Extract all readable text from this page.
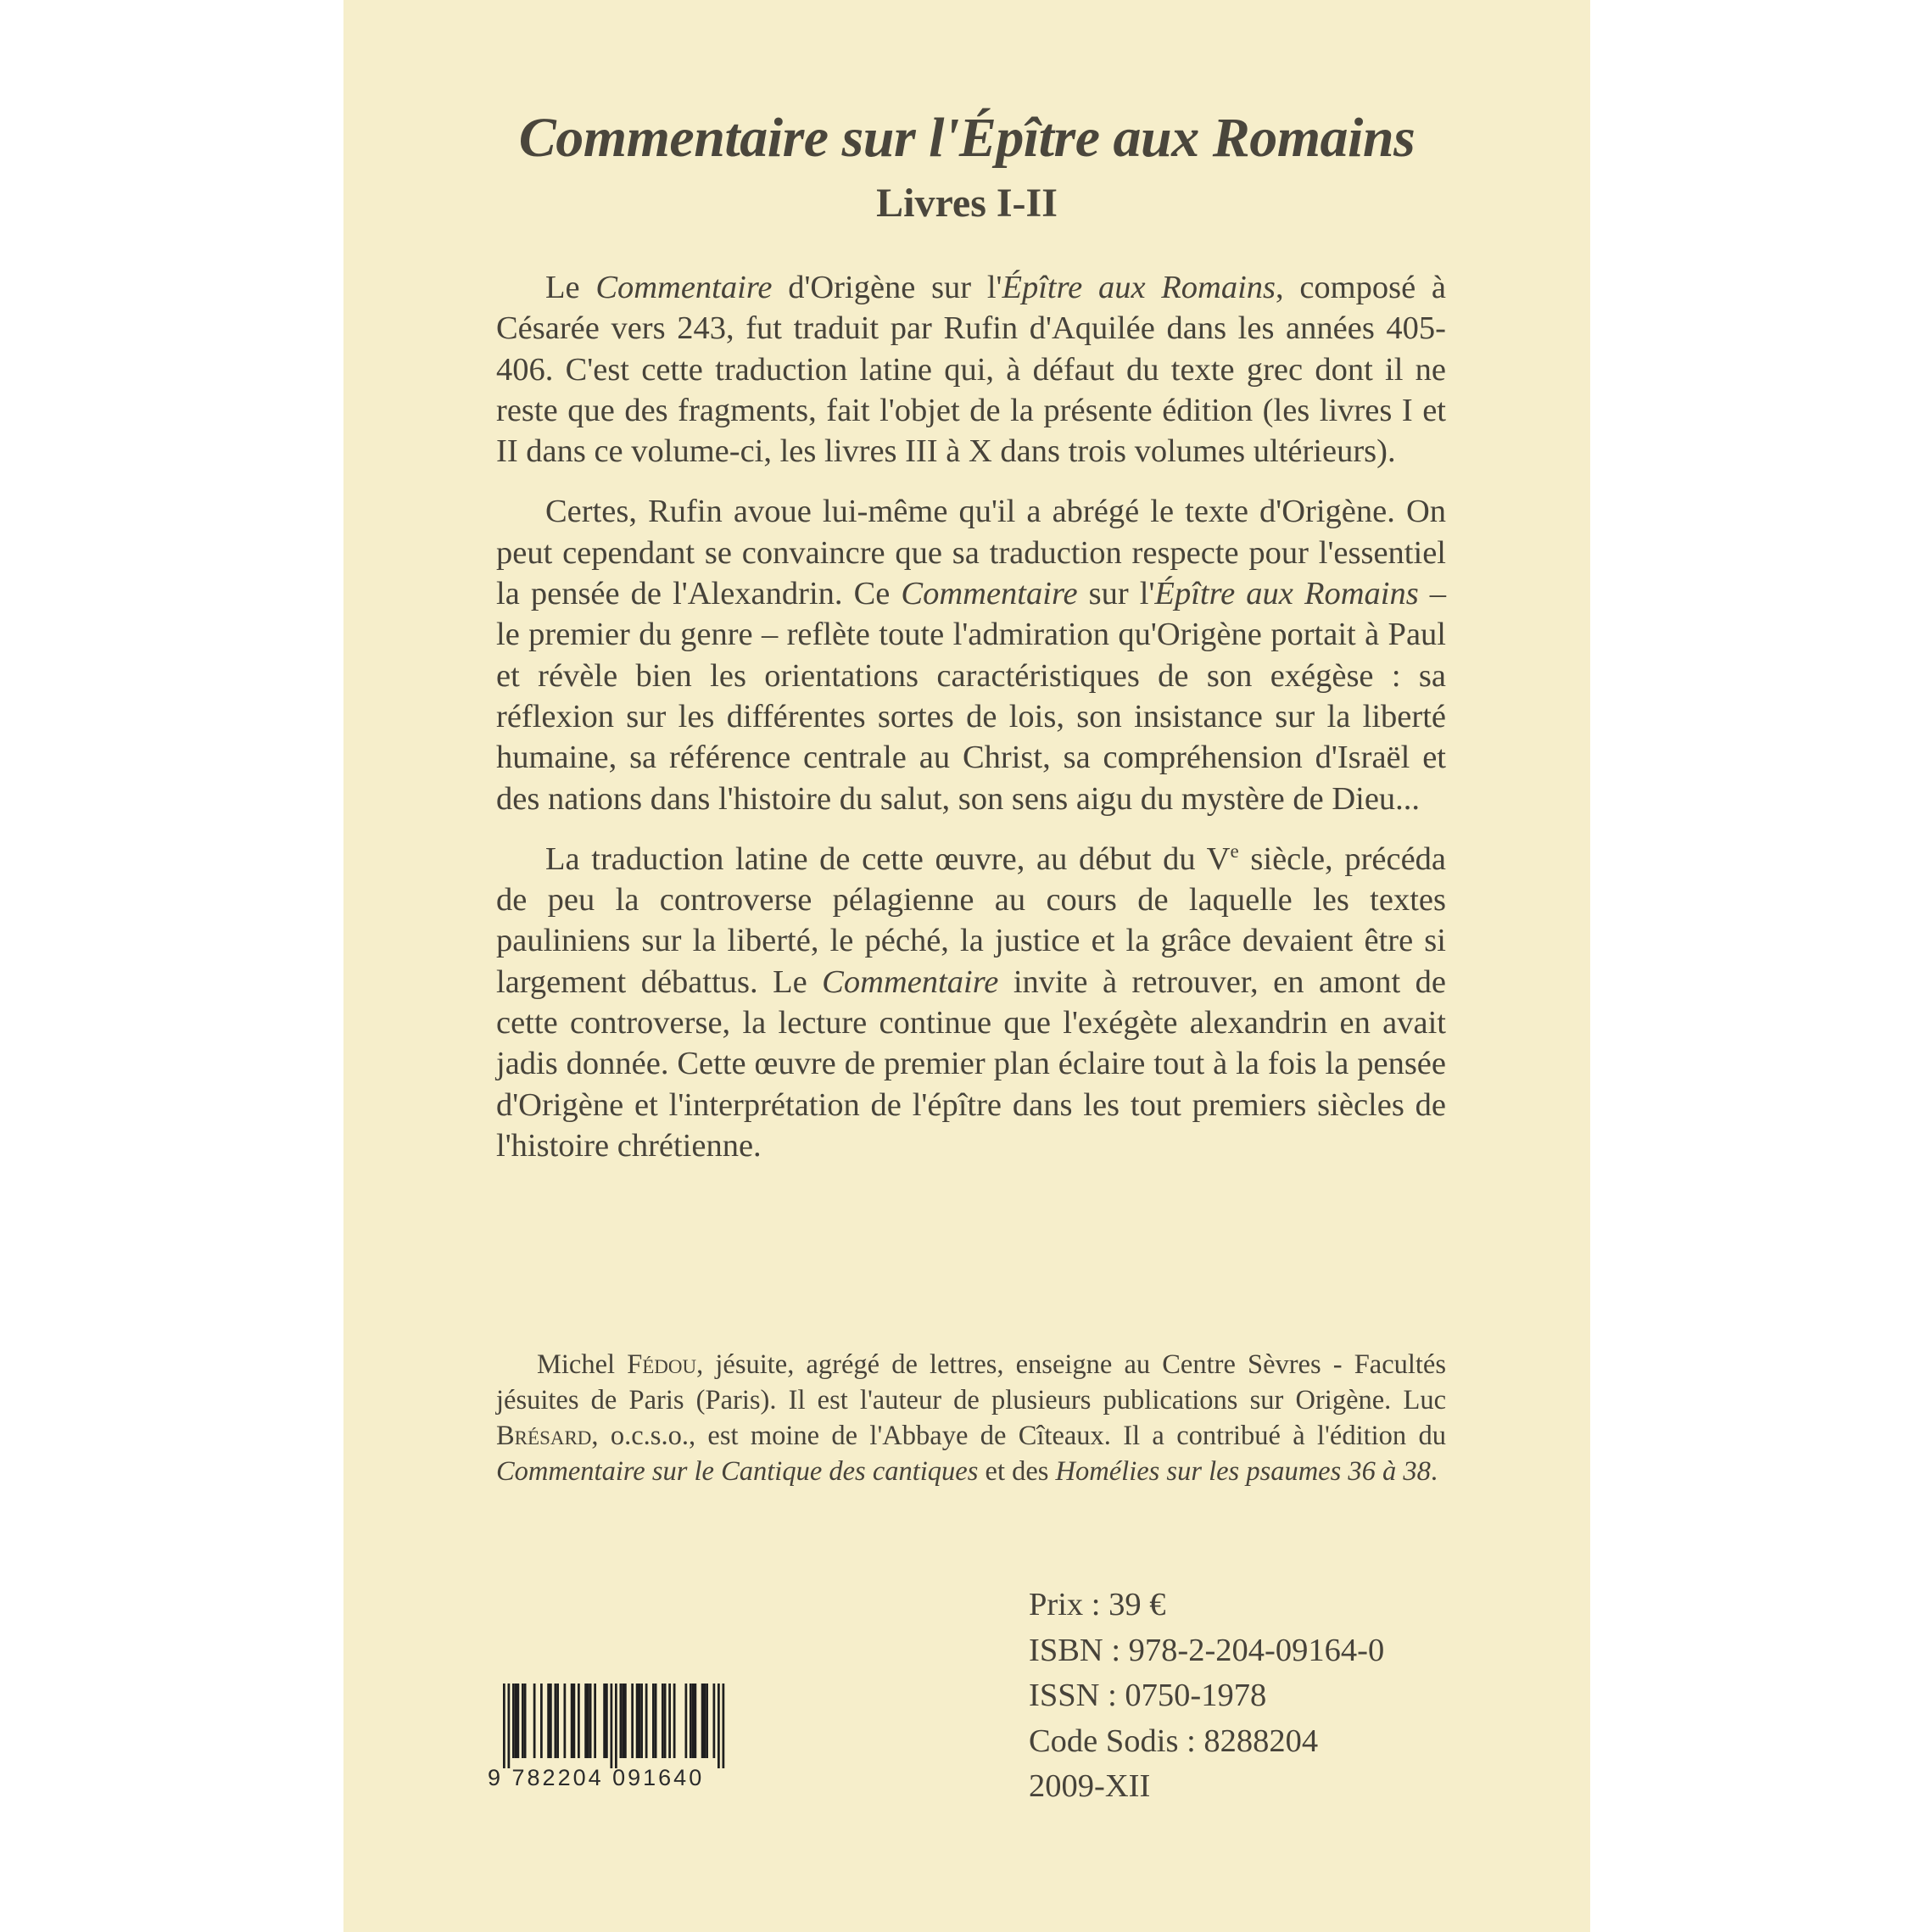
Commentaire sur l'Épître aux Romains
Livres I-II

Le Commentaire d'Origène sur l'Épître aux Romains, composé à Césarée vers 243, fut traduit par Rufin d'Aquilée dans les années 405-406. C'est cette traduction latine qui, à défaut du texte grec dont il ne reste que des fragments, fait l'objet de la présente édition (les livres I et II dans ce volume-ci, les livres III à X dans trois volumes ultérieurs).

Certes, Rufin avoue lui-même qu'il a abrégé le texte d'Origène. On peut cependant se convaincre que sa traduction respecte pour l'essentiel la pensée de l'Alexandrin. Ce Commentaire sur l'Épître aux Romains – le premier du genre – reflète toute l'admiration qu'Origène portait à Paul et révèle bien les orientations caractéristiques de son exégèse : sa réflexion sur les différentes sortes de lois, son insistance sur la liberté humaine, sa référence centrale au Christ, sa compréhension d'Israël et des nations dans l'histoire du salut, son sens aigu du mystère de Dieu...

La traduction latine de cette œuvre, au début du Ve siècle, précéda de peu la controverse pélagienne au cours de laquelle les textes pauliniens sur la liberté, le péché, la justice et la grâce devaient être si largement débattus. Le Commentaire invite à retrouver, en amont de cette controverse, la lecture continue que l'exégète alexandrin en avait jadis donnée. Cette œuvre de premier plan éclaire tout à la fois la pensée d'Origène et l'interprétation de l'épître dans les tout premiers siècles de l'histoire chrétienne.

Michel Fédou, jésuite, agrégé de lettres, enseigne au Centre Sèvres - Facultés jésuites de Paris (Paris). Il est l'auteur de plusieurs publications sur Origène. Luc Brésard, o.c.s.o., est moine de l'Abbaye de Cîteaux. Il a contribué à l'édition du Commentaire sur le Cantique des cantiques et des Homélies sur les psaumes 36 à 38.

9 782204 091640
Prix : 39 €
ISBN : 978-2-204-09164-0
ISSN : 0750-1978
Code Sodis : 8288204
2009-XII
